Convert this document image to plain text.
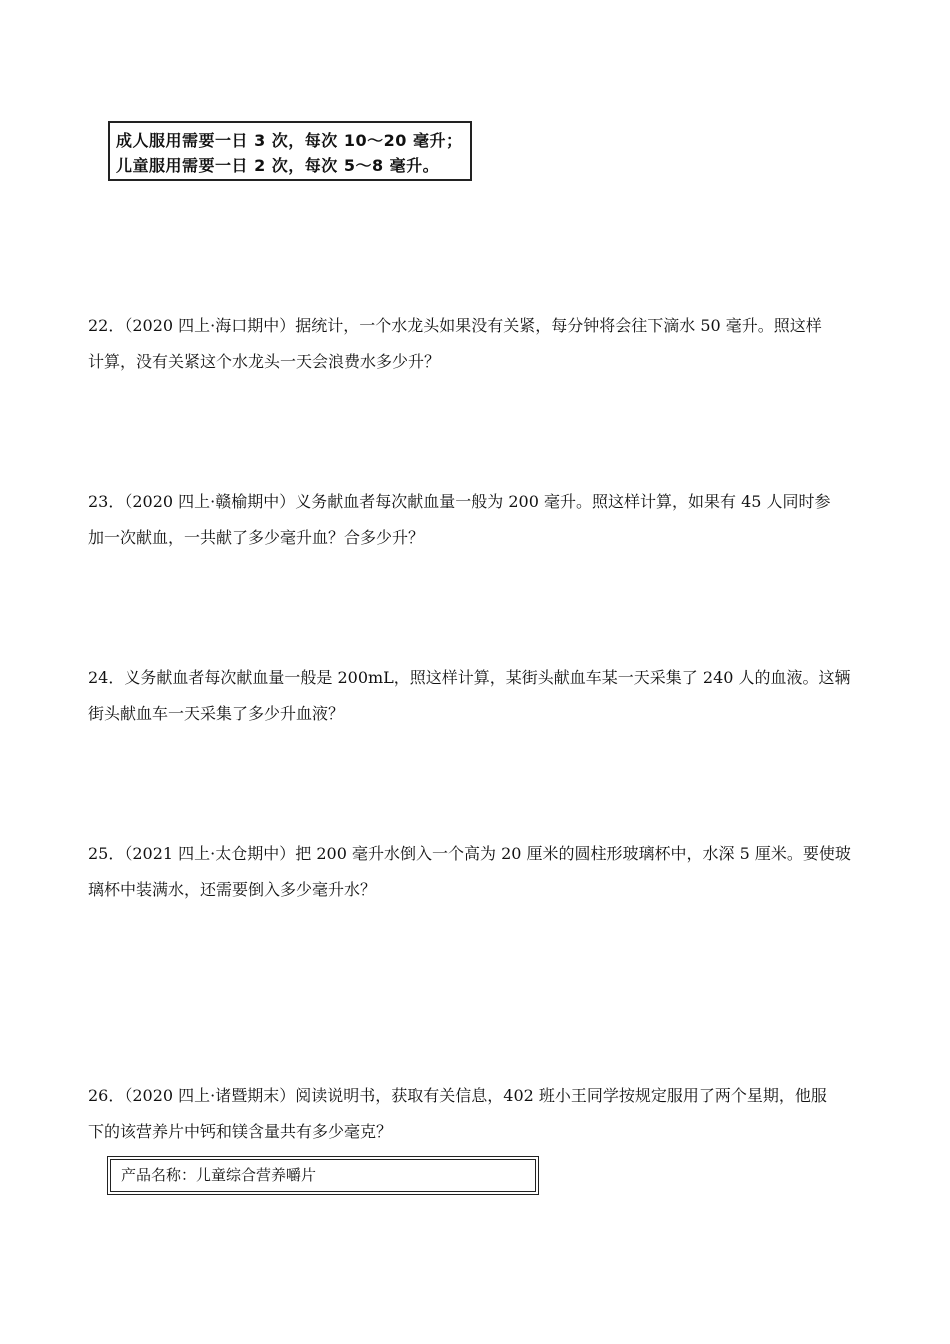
成人服用需要一日 3 次，每次 10～20 毫升；
儿童服用需要一日 2 次，每次 5～8 毫升。
22．（2020 四上·海口期中）据统计，一个水龙头如果没有关紧，每分钟将会往下滴水 50 毫升。照这样
计算，没有关紧这个水龙头一天会浪费水多少升？
23．（2020 四上·赣榆期中）义务献血者每次献血量一般为 200 毫升。照这样计算，如果有 45 人同时参
加一次献血，一共献了多少毫升血？合多少升？
24．义务献血者每次献血量一般是 200mL，照这样计算，某街头献血车某一天采集了 240 人的血液。这辆
街头献血车一天采集了多少升血液？
25．（2021 四上·太仓期中）把 200 毫升水倒入一个高为 20 厘米的圆柱形玻璃杯中，水深 5 厘米。要使玻
璃杯中装满水，还需要倒入多少毫升水？
26．（2020 四上·诸暨期末）阅读说明书，获取有关信息，402 班小王同学按规定服用了两个星期，他服
下的该营养片中钙和镁含量共有多少毫克？
产品名称：儿童综合营养嚼片
